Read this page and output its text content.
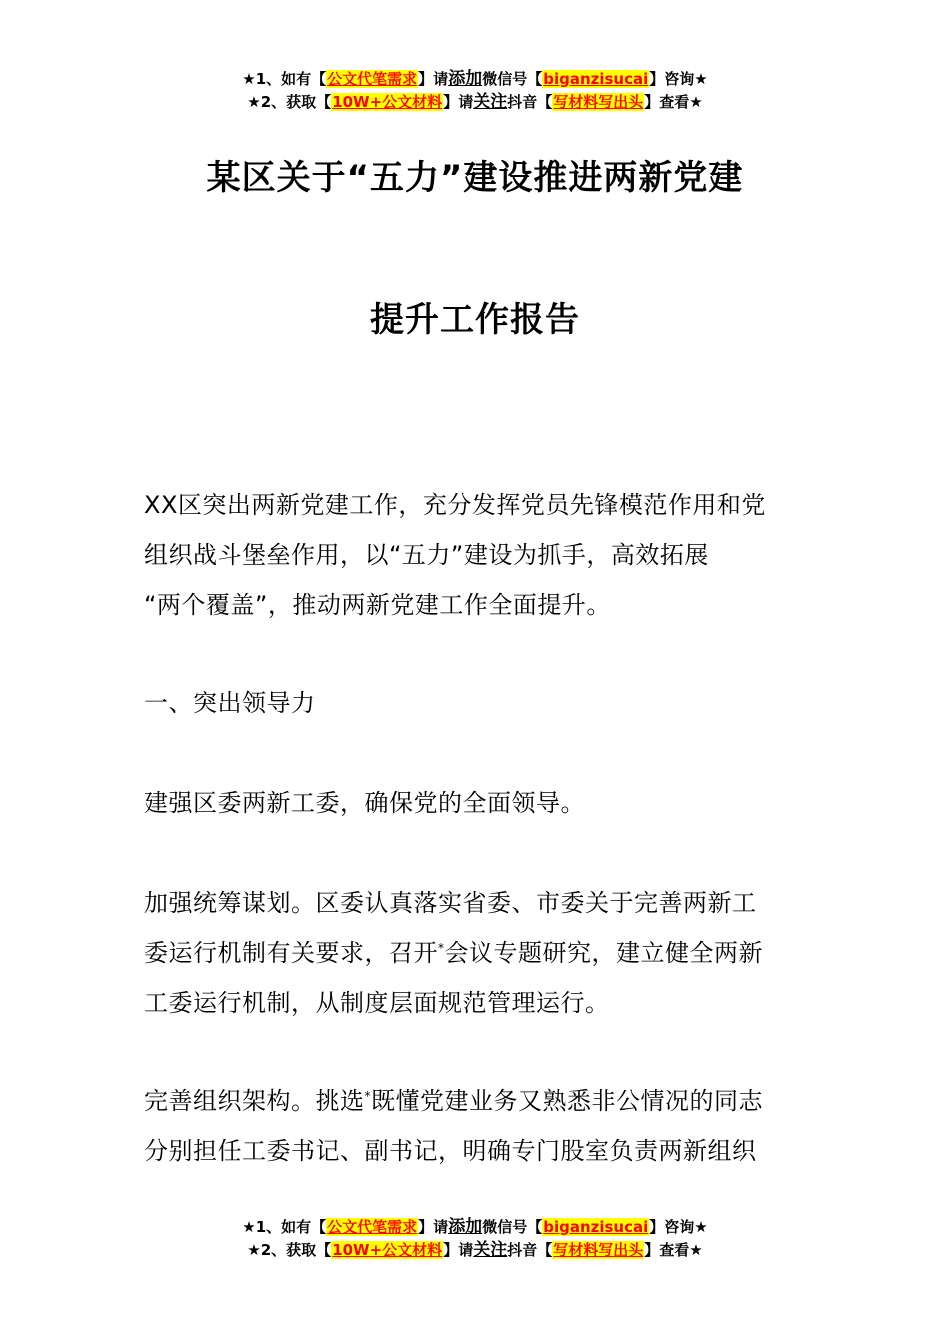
★1、如有【公文代笔需求】请添加微信号【biganzisucai】咨询★
★2、获取【10W+公文材料】请关注抖音【写材料写出头】查看★
某区关于“五力”建设推进两新党建
提升工作报告

XX区突出两新党建工作，充分发挥党员先锋模范作用和党

组织战斗堡垒作用，以“五力”建设为抓手，高效拓展

“两个覆盖”，推动两新党建工作全面提升。

一、突出领导力

建强区委两新工委，确保党的全面领导。

加强统筹谋划。区委认真落实省委、市委关于完善两新工

委运行机制有关要求，召开*会议专题研究，建立健全两新

工委运行机制，从制度层面规范管理运行。

完善组织架构。挑选*既懂党建业务又熟悉非公情况的同志

分别担任工委书记、副书记，明确专门股室负责两新组织

★1、如有【公文代笔需求】请添加微信号【biganzisucai】咨询★
★2、获取【10W+公文材料】请关注抖音【写材料写出头】查看★
